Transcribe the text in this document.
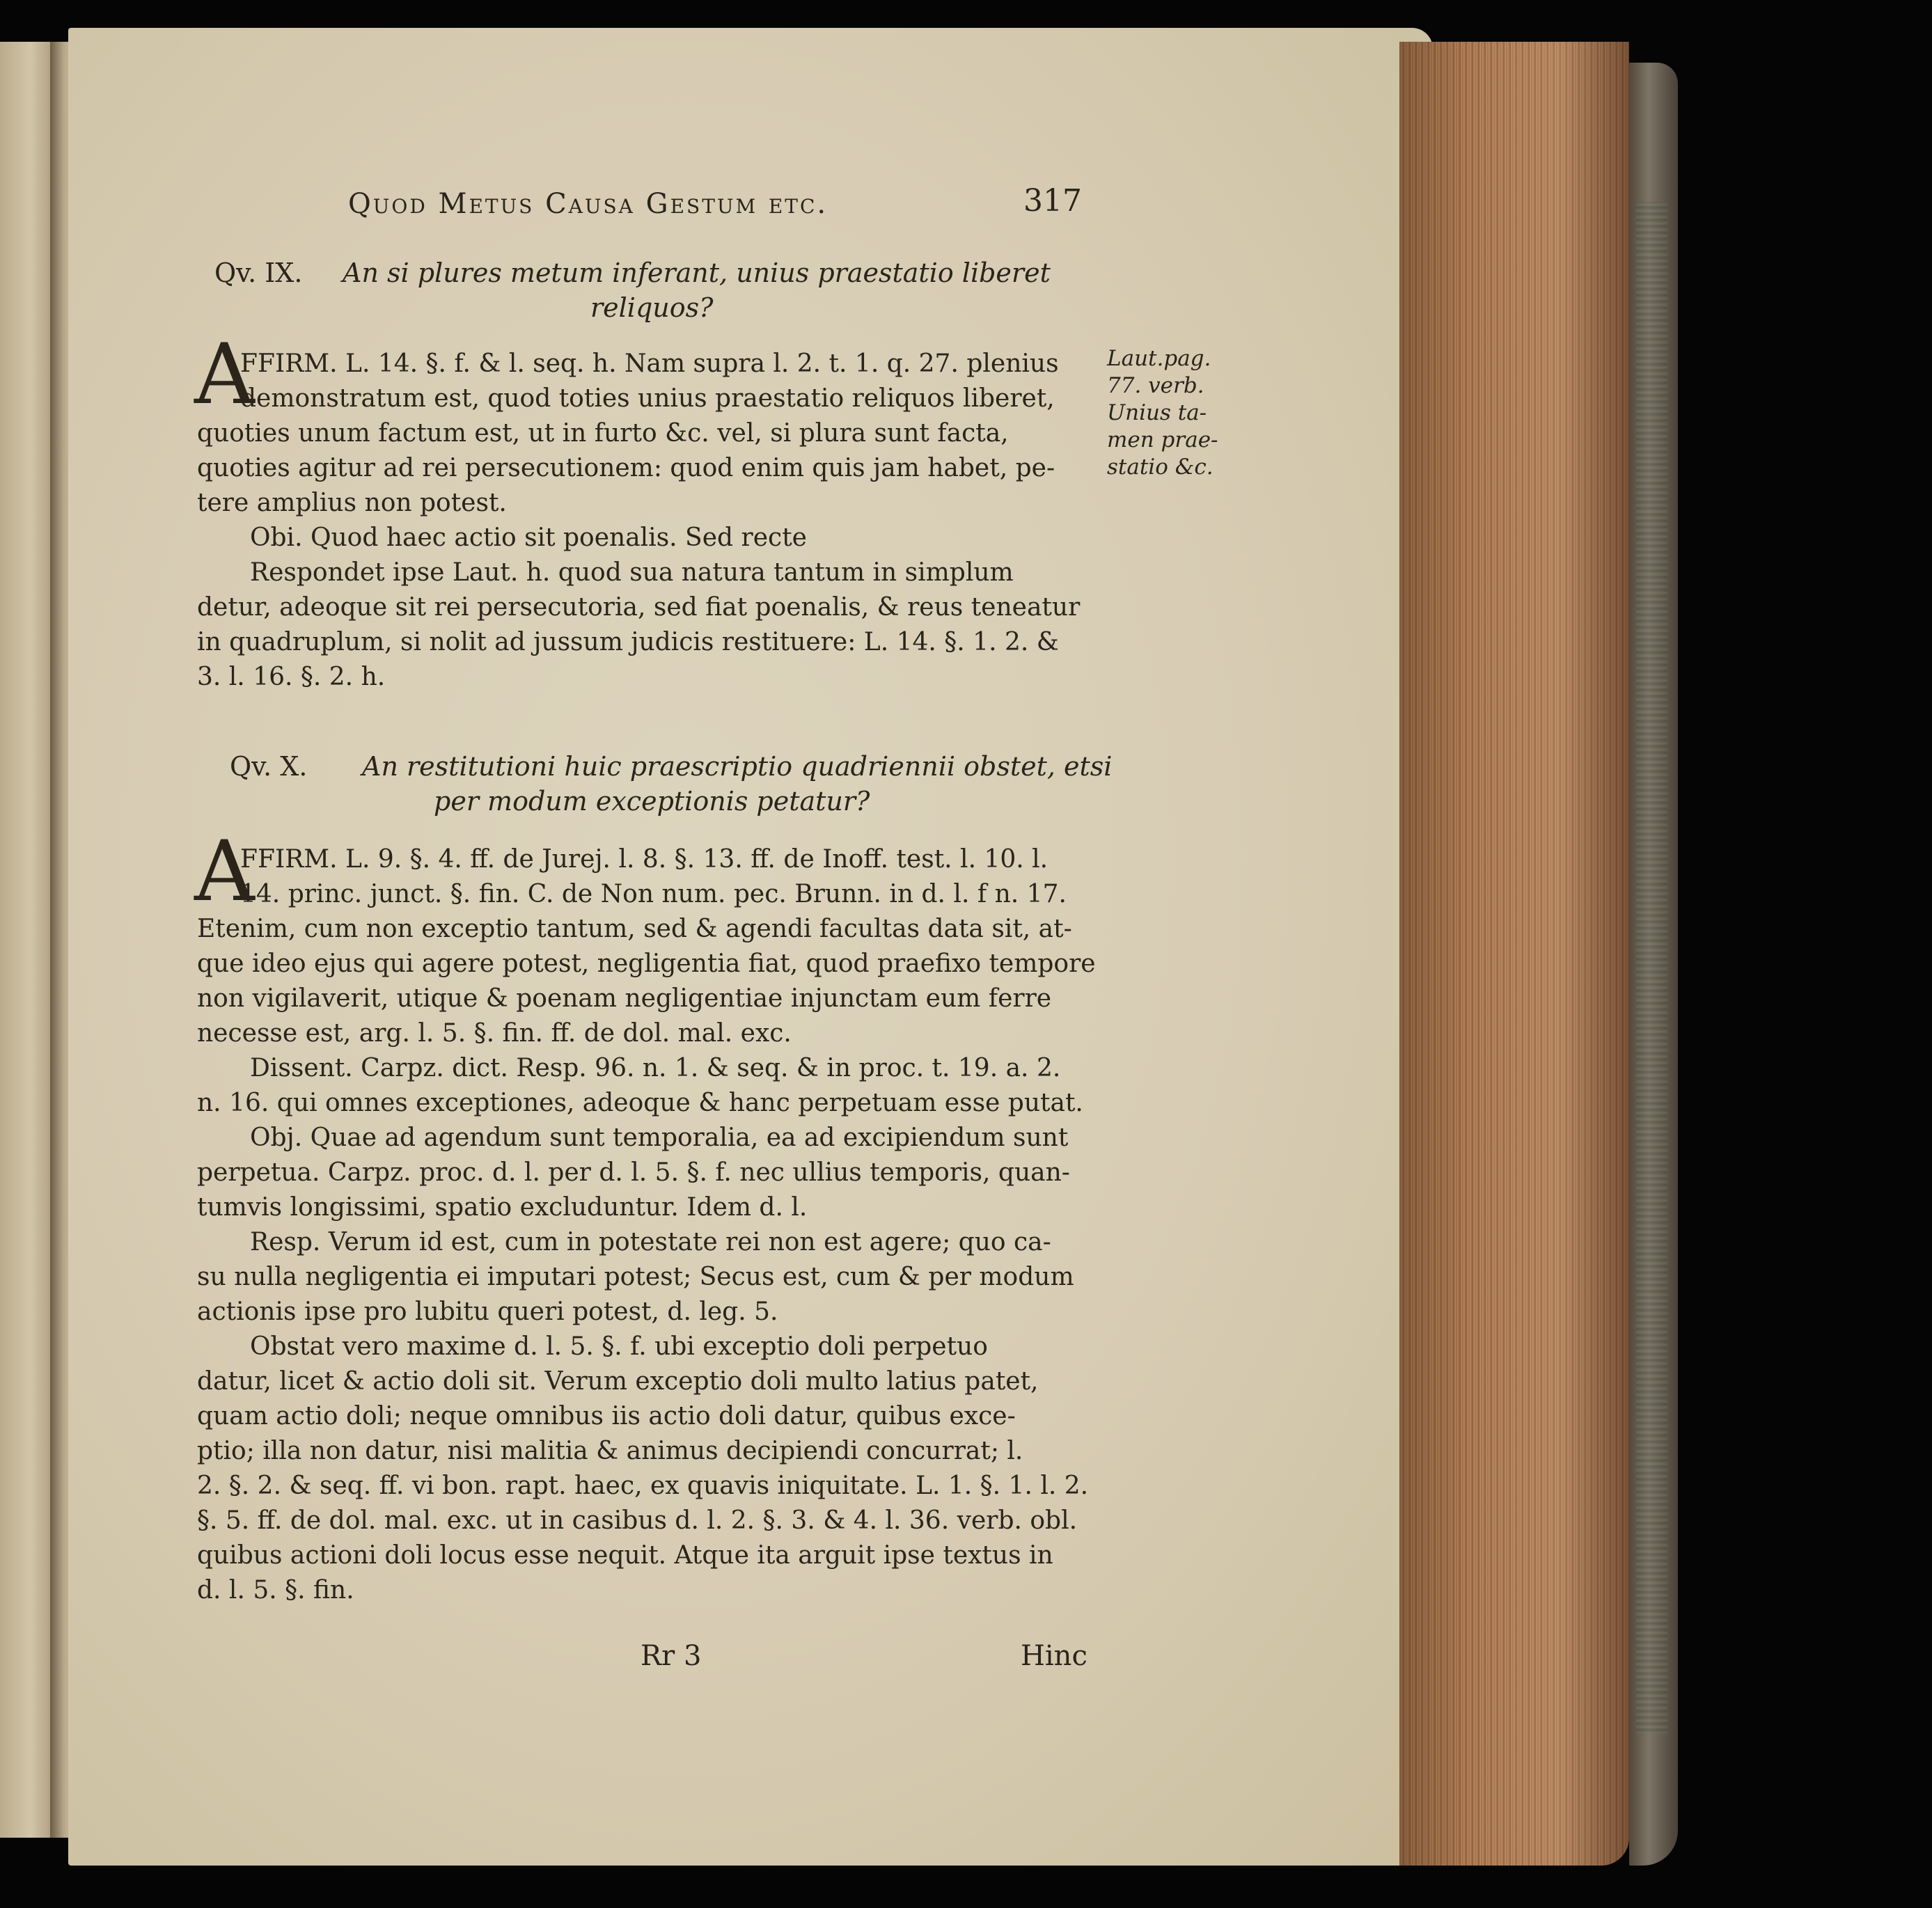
Quod Metus Causa Gestum etc.	317
Qv. IX. An si plures metum inferant, unius praestatio liberet
reliquos?
A
FFIRM. L. 14. §. f. & l. seq. h. Nam supra l. 2. t. 1. q. 27. plenius
demonstratum est, quod toties unius praestatio reliquos liberet,
quoties unum factum est, ut in furto &c. vel, si plura sunt facta,
quoties agitur ad rei persecutionem: quod enim quis jam habet, pe-
tere amplius non potest.
Obi. Quod haec actio sit poenalis. Sed recte
Respondet ipse Laut. h. quod sua natura tantum in simplum
detur, adeoque sit rei persecutoria, sed fiat poenalis, & reus teneatur
in quadruplum, si nolit ad jussum judicis restituere: L. 14. §. 1. 2. &
3. l. 16. §. 2. h.
Laut.pag.
77. verb.
Unius ta-
men prae-
statio &c.
Qv. X. An restitutioni huic praescriptio quadriennii obstet, etsi
per modum exceptionis petatur?
A
FFIRM. L. 9. §. 4. ff. de Jurej. l. 8. §. 13. ff. de Inoff. test. l. 10. l.
14. princ. junct. §. fin. C. de Non num. pec. Brunn. in d. l. f n. 17.
Etenim, cum non exceptio tantum, sed & agendi facultas data sit, at-
que ideo ejus qui agere potest, negligentia fiat, quod praefixo tempore
non vigilaverit, utique & poenam negligentiae injunctam eum ferre
necesse est, arg. l. 5. §. fin. ff. de dol. mal. exc.
Dissent. Carpz. dict. Resp. 96. n. 1. & seq. & in proc. t. 19. a. 2.
n. 16. qui omnes exceptiones, adeoque & hanc perpetuam esse putat.
Obj. Quae ad agendum sunt temporalia, ea ad excipiendum sunt
perpetua. Carpz. proc. d. l. per d. l. 5. §. f. nec ullius temporis, quan-
tumvis longissimi, spatio excluduntur. Idem d. l.
Resp. Verum id est, cum in potestate rei non est agere; quo ca-
su nulla negligentia ei imputari potest; Secus est, cum & per modum
actionis ipse pro lubitu queri potest, d. leg. 5.
Obstat vero maxime d. l. 5. §. f. ubi exceptio doli perpetuo
datur, licet & actio doli sit. Verum exceptio doli multo latius patet,
quam actio doli; neque omnibus iis actio doli datur, quibus exce-
ptio; illa non datur, nisi malitia & animus decipiendi concurrat; l.
2. §. 2. & seq. ff. vi bon. rapt. haec, ex quavis iniquitate. L. 1. §. 1. l. 2.
§. 5. ff. de dol. mal. exc. ut in casibus d. l. 2. §. 3. & 4. l. 36. verb. obl.
quibus actioni doli locus esse nequit. Atque ita arguit ipse textus in
d. l. 5. §. fin.
Rr 3	Hinc
